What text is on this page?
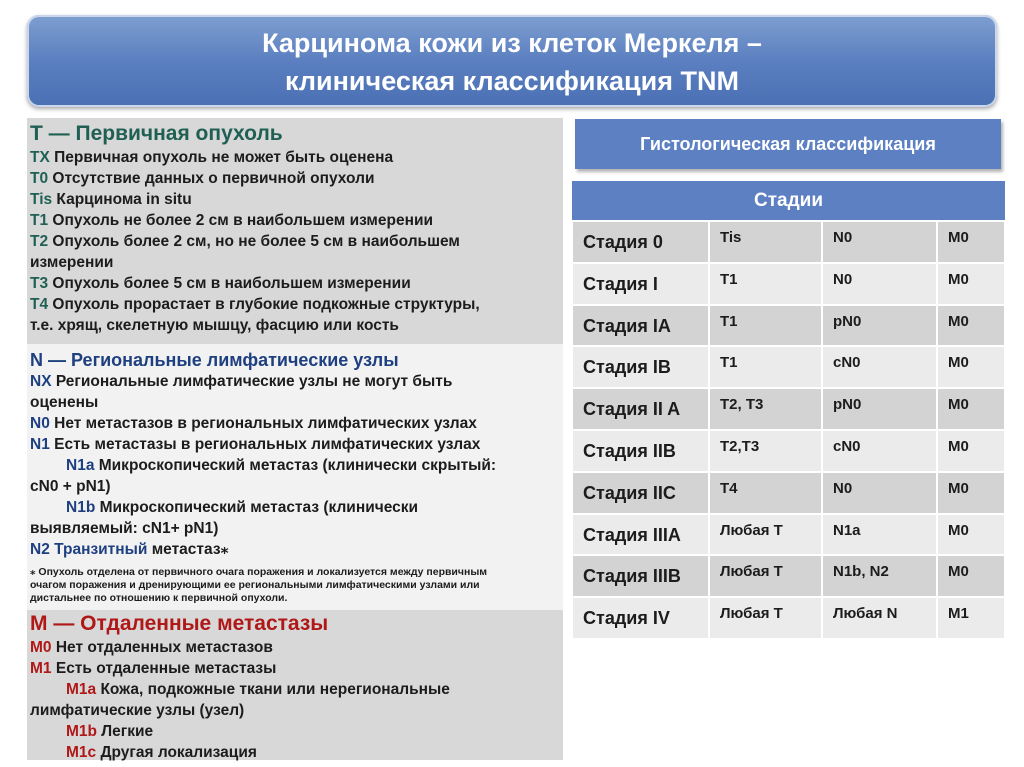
Карцинома кожи из клеток Меркеля –
клиническая классификация TNM
T — Первичная опухоль
TX Первичная опухоль не может быть оценена
T0 Отсутствие данных о первичной опухоли
Tis Карцинома in situ
T1 Опухоль не более 2 см в наибольшем измерении
T2 Опухоль более 2 см, но не более 5 см в наибольшем
измерении
T3 Опухоль более 5 см в наибольшем измерении
T4 Опухоль прорастает в глубокие подкожные структуры,
т.е. хрящ, скелетную мышцу, фасцию или кость
N — Региональные лимфатические узлы
NX Региональные лимфатические узлы не могут быть
оценены
N0 Нет метастазов в региональных лимфатических узлах
N1 Есть метастазы в региональных лимфатических узлах
N1a Микроскопический метастаз (клинически скрытый:
cN0 + pN1)
N1b Микроскопический метастаз (клинически
выявляемый: cN1+ pN1)
N2 Транзитный метастаз⁎
⁎ Опухоль отделена от первичного очага поражения и локализуется между первичным
очагом поражения и дренирующими ее региональными лимфатическими узлами или
дистальнее по отношению к первичной опухоли.
M — Отдаленные метастазы
M0 Нет отдаленных метастазов
M1 Есть отдаленные метастазы
M1a Кожа, подкожные ткани или нерегиональные
лимфатические узлы (узел)
M1b Легкие
M1c Другая локализация
Гистологическая классификация
Стадии			
Стадия 0	Tis	N0	M0
Стадия I	T1	N0	M0
Стадия IA	T1	pN0	M0
Стадия IB	T1	cN0	M0
Стадия II A	T2, T3	pN0	M0
Стадия IIB	T2,T3	cN0	M0
Стадия IIC	T4	N0	M0
Стадия IIIA	Любая T	N1a	M0
Стадия IIIB	Любая T	N1b, N2	M0
Стадия IV	Любая T	Любая N	M1
